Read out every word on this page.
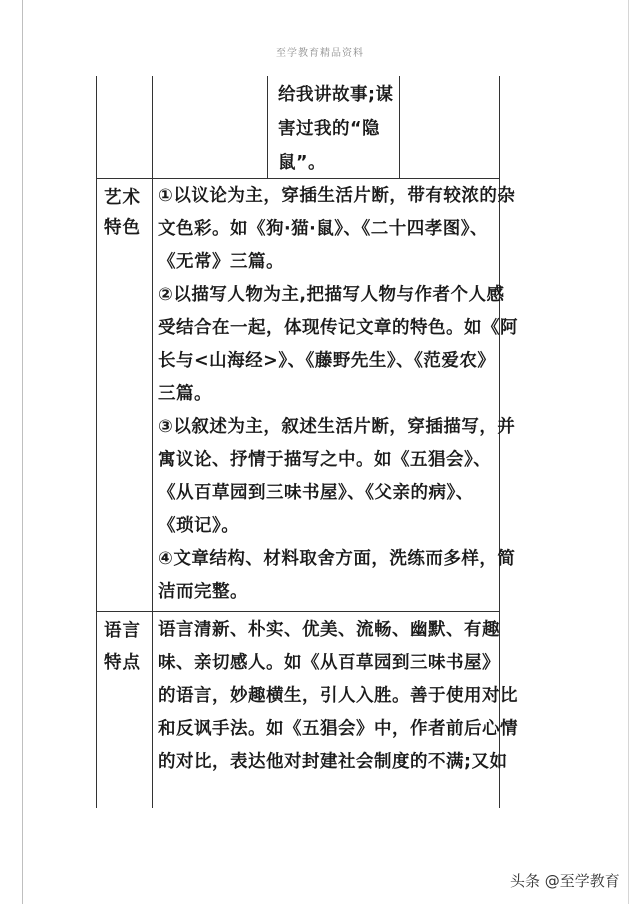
至学教育精品资料
给我讲故事;谋
害过我的“隐
鼠”。
艺术
特色
①以议论为主，穿插生活片断，带有较浓的杂
文色彩。如《狗·猫·鼠》、《二十四孝图》、
《无常》三篇。
②以描写人物为主,把描写人物与作者个人感
受结合在一起，体现传记文章的特色。如《阿
长与<山海经>》、《藤野先生》、《范爱农》
三篇。
③以叙述为主，叙述生活片断，穿插描写，并
寓议论、抒情于描写之中。如《五猖会》、
《从百草园到三味书屋》、《父亲的病》、
《琐记》。
④文章结构、材料取舍方面，洗练而多样，简
洁而完整。
语言
特点
语言清新、朴实、优美、流畅、幽默、有趣
味、亲切感人。如《从百草园到三味书屋》
的语言，妙趣横生，引人入胜。善于使用对比
和反讽手法。如《五猖会》中，作者前后心情
的对比，表达他对封建社会制度的不满;又如
头条 @至学教育
